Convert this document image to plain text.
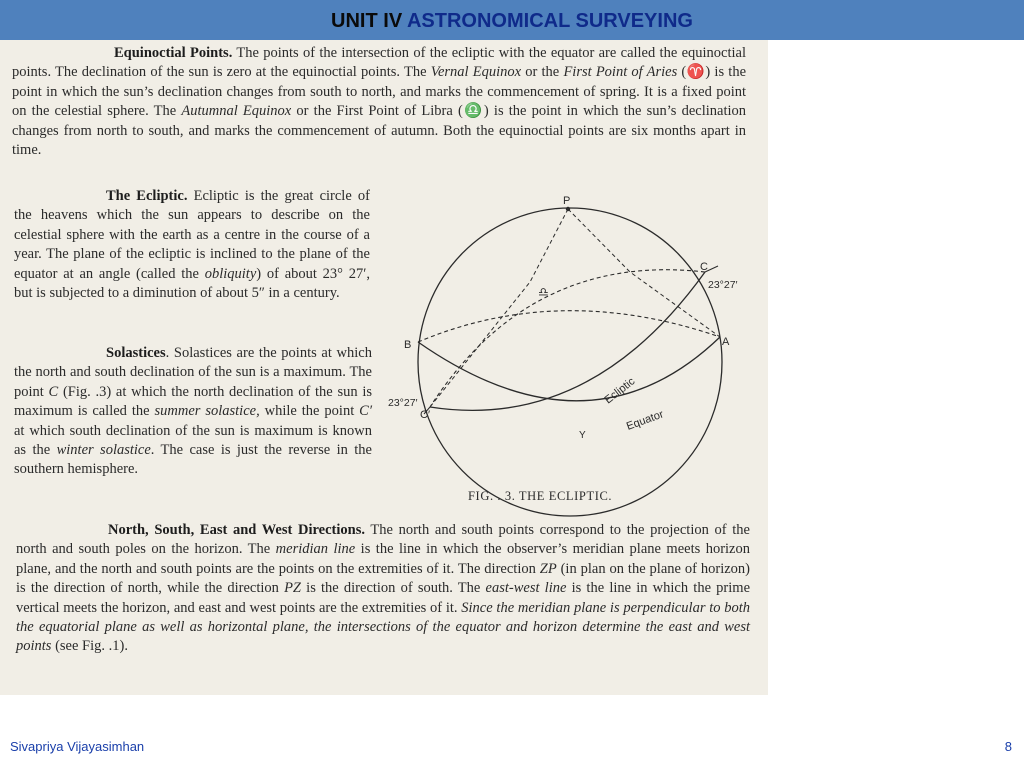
UNIT IV ASTRONOMICAL SURVEYING
Equinoctial Points. The points of the intersection of the ecliptic with the equator are called the equinoctial points. The declination of the sun is zero at the equinoctial points. The Vernal Equinox or the First Point of Aries (♈) is the point in which the sun’s declination changes from south to north, and marks the commencement of spring. It is a fixed point on the celestial sphere. The Autumnal Equinox or the First Point of Libra (♎) is the point in which the sun’s declination changes from north to south, and marks the commencement of autumn. Both the equinoctial points are six months apart in time.
The Ecliptic. Ecliptic is the great circle of the heavens which the sun appears to describe on the celestial sphere with the earth as a centre in the course of a year. The plane of the ecliptic is inclined to the plane of the equator at an angle (called the obliquity) of about 23° 27′, but is subjected to a diminution of about 5″ in a century.
Solastices. Solastices are the points at which the north and south declination of the sun is a maximum. The point C (Fig. .3) at which the north declination of the sun is maximum is called the summer solastice, while the point C′ at which south declination of the sun is maximum is known as the winter solastice. The case is just the reverse in the southern hemisphere.
P
C
23°27′
B	A
♎
Ecliptic
Equator
23°27′
C′
Υ
FIG. . 3. THE ECLIPTIC.
North, South, East and West Directions. The north and south points correspond to the projection of the north and south poles on the horizon. The meridian line is the line in which the observer’s meridian plane meets horizon plane, and the north and south points are the points on the extremities of it. The direction ZP (in plan on the plane of horizon) is the direction of north, while the direction PZ is the direction of south. The east-west line is the line in which the prime vertical meets the horizon, and east and west points are the extremities of it. Since the meridian plane is perpendicular to both the equatorial plane as well as horizontal plane, the intersections of the equator and horizon determine the east and west points (see Fig. .1).
Sivapriya Vijayasimhan	8
